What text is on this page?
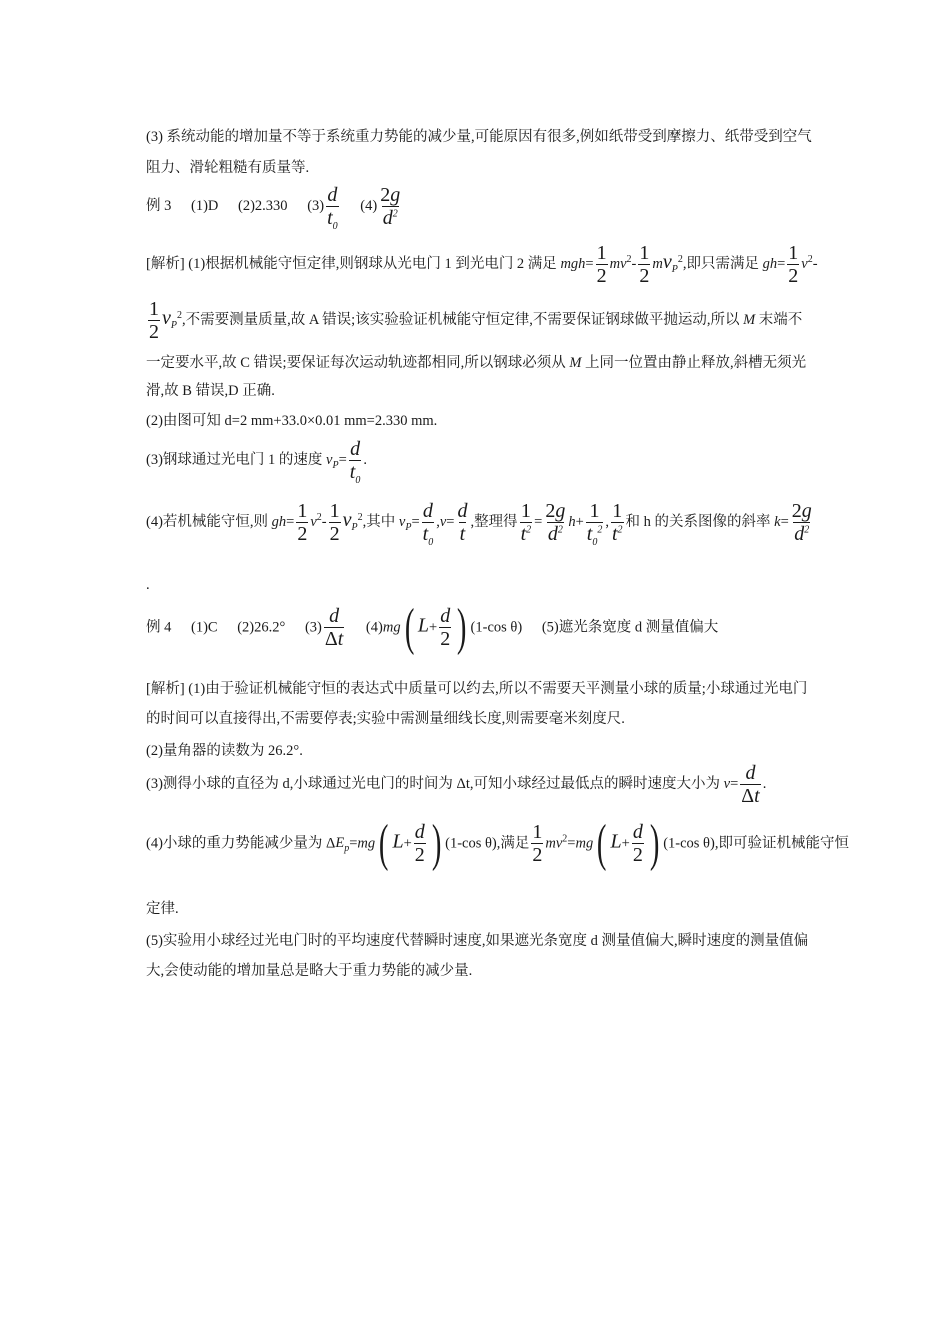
(3) 系统动能的增加量不等于系统重力势能的减少量,可能原因有很多,例如纸带受到摩擦力、纸带受到空气
阻力、滑轮粗糙有质量等.
例 3 (1)D (2)2.330 $(3) \frac{d}{t_0} (4) \frac{2g}{d^2}$
[解析] (1)根据机械能守恒定律,则钢球从光电门 1 到光电门 2 满足 $mgh= \frac{1}{2} mv^2- \frac{1}{2} mv_P^2$,即只需满足 $gh= \frac{1}{2} v^2-$
$\frac{1}{2} v_P^2$,不需要测量质量,故 A 错误;该实验验证机械能守恒定律,不需要保证钢球做平抛运动,所以 M 末端不
一定要水平,故 C 错误;要保证每次运动轨迹都相同,所以钢球必须从 M 上同一位置由静止释放,斜槽无须光
滑,故 B 错误,D 正确.
(2)由图可知 d=2 mm+33.0×0.01 mm=2.330 mm.
(3)钢球通过光电门 1 的速度 $v_P= \frac{d}{t_0}$ .
(4)若机械能守恒,则 $gh= \frac{1}{2} v^2- \frac{1}{2} v_P^2$,其中 $v_P= \frac{d}{t_0} ,v= \frac{d}{t}$ ,整理得 $\frac{1}{t^2} = \frac{2g}{d^2} h+ \frac{1}{t_0^2}$ , $\frac{1}{t^2}$ 和 h 的关系图像的斜率 $k= \frac{2g}{d^2}$
.
例 4 (1)C (2)26.2° $(3) \frac{d}{\Delta t} (4)mg$( $L+ \frac{d}{2}$ ) (1-cos θ) (5)遮光条宽度 d 测量值偏大
[解析] (1)由于验证机械能守恒的表达式中质量可以约去,所以不需要天平测量小球的质量;小球通过光电门
的时间可以直接得出,不需要停表;实验中需测量细线长度,则需要毫米刻度尺.
(2)量角器的读数为 26.2°.
(3)测得小球的直径为 d,小球通过光电门的时间为 Δt,可知小球经过最低点的瞬时速度大小为 $v= \frac{d}{\Delta t}$ .
(4)小球的重力势能减少量为 $\Delta E_p=mg$( $L+ \frac{d}{2}$ ) (1-cos θ),满足 $\frac{1}{2} mv^2=mg$( $L+ \frac{d}{2}$ ) (1-cos θ),即可验证机械能守恒
定律.
(5)实验用小球经过光电门时的平均速度代替瞬时速度,如果遮光条宽度 d 测量值偏大,瞬时速度的测量值偏
大,会使动能的增加量总是略大于重力势能的减少量.
